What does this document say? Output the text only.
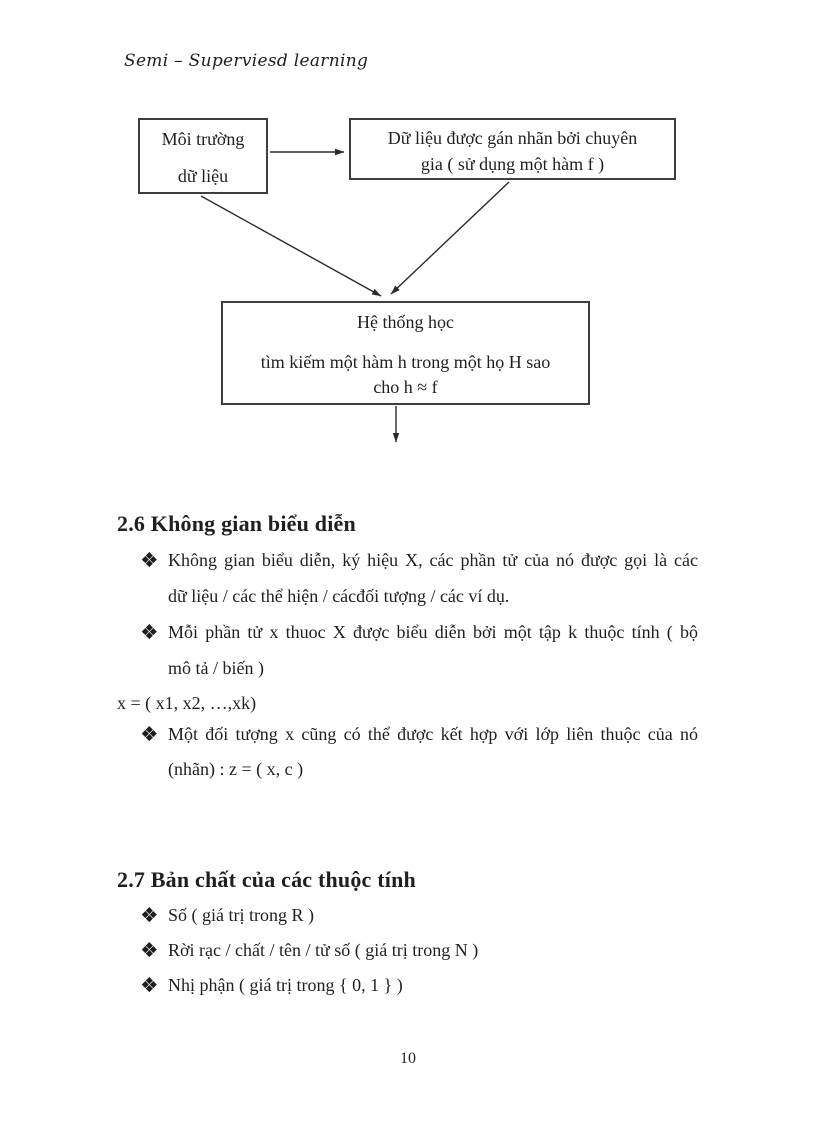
Semi – Superviesd learning
Môi trường
dữ liệu
Dữ liệu được gán nhãn bởi chuyên
gia ( sử dụng một hàm f )
Hệ thống học
tìm kiếm một hàm h trong một họ H sao
cho h ≈ f
2.6 Không gian biểu diễn
Không gian biểu diễn, ký hiệu X, các phần tử của nó được gọi là các
dữ liệu / các thể hiện / cácđối tượng / các ví dụ.
Mỗi phần tử x thuoc X được biểu diễn bởi một tập k thuộc tính ( bộ
mô tả / biến )
x = ( x1, x2, …,xk)
Một đối tượng x cũng có thể được kết hợp với lớp liên thuộc của nó
(nhãn) : z = ( x, c )
2.7 Bản chất của các thuộc tính
Số ( giá trị trong R )
Rời rạc / chất / tên / tử số ( giá trị trong N )
Nhị phận ( giá trị trong { 0, 1 } )
10
